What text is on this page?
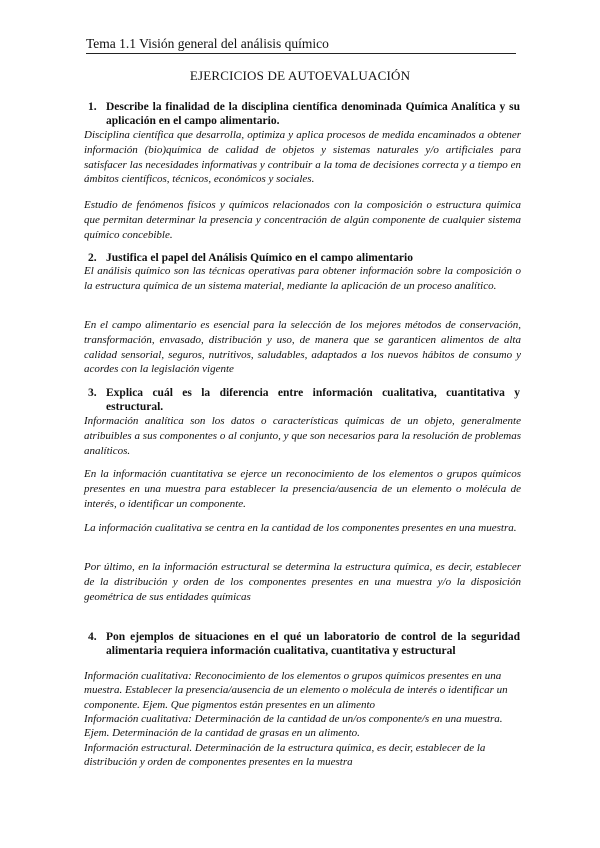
Tema 1.1 Visión general del análisis químico
EJERCICIOS DE AUTOEVALUACIÓN
1. Describe la finalidad de la disciplina científica denominada Química Analítica y su aplicación en el campo alimentario.
Disciplina científica que desarrolla, optimiza y aplica procesos de medida encaminados a obtener información (bio)química de calidad de objetos y sistemas naturales y/o artificiales para satisfacer las necesidades informativas y contribuir a la toma de decisiones correcta y a tiempo en ámbitos científicos, técnicos, económicos y sociales.
Estudio de fenómenos físicos y químicos relacionados con la composición o estructura química que permitan determinar la presencia y concentración de algún componente de cualquier sistema químico concebible.
2. Justifica el papel del Análisis Químico en el campo alimentario
El análisis químico son las técnicas operativas para obtener información sobre la composición o la estructura química de un sistema material, mediante la aplicación de un proceso analítico.
En el campo alimentario es esencial para la selección de los mejores métodos de conservación, transformación, envasado, distribución y uso, de manera que se garanticen alimentos de alta calidad sensorial, seguros, nutritivos, saludables, adaptados a los nuevos hábitos de consumo y acordes con la legislación vigente
3. Explica cuál es la diferencia entre información cualitativa, cuantitativa y estructural.
Información analítica son los datos o características químicas de un objeto, generalmente atribuibles a sus componentes o al conjunto, y que son necesarios para la resolución de problemas analíticos.
En la información cuantitativa se ejerce un reconocimiento de los elementos o grupos químicos presentes en una muestra para establecer la presencia/ausencia de un elemento o molécula de interés, o identificar un componente.
La información cualitativa se centra en la cantidad de los componentes presentes en una muestra.
Por último, en la información estructural se determina la estructura química, es decir, establecer de la distribución y orden de los componentes presentes en una muestra y/o la disposición geométrica de sus entidades químicas
4. Pon ejemplos de situaciones en el qué un laboratorio de control de la seguridad alimentaria requiera información cualitativa, cuantitativa y estructural
Información cualitativa: Reconocimiento de los elementos o grupos químicos presentes en una muestra. Establecer la presencia/ausencia de un elemento o molécula de interés o identificar un componente. Ejem. Que pigmentos están presentes en un alimento
Información cualitativa: Determinación de la cantidad de un/os componente/s en una muestra. Ejem. Determinación de la cantidad de grasas en un alimento.
Información estructural. Determinación de la estructura química, es decir, establecer de la distribución y orden de componentes presentes en la muestra
